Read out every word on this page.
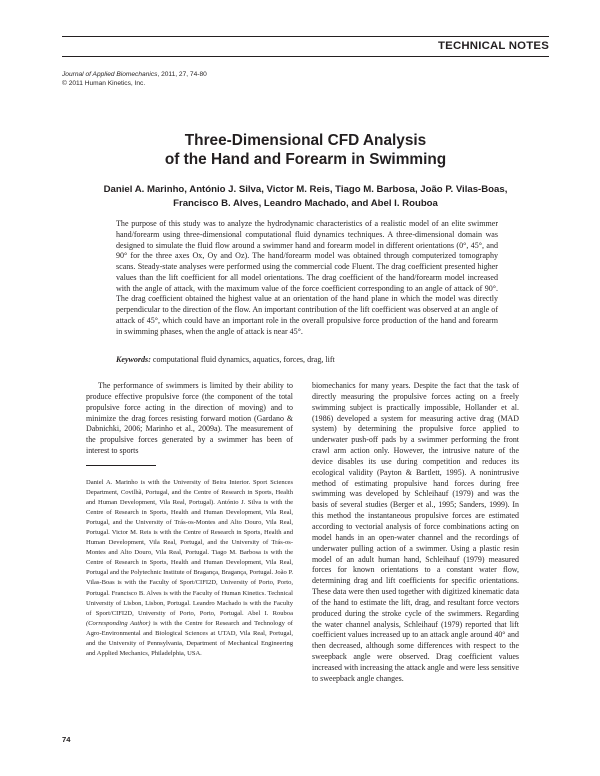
TECHNICAL NOTES
Journal of Applied Biomechanics, 2011, 27, 74-80
© 2011 Human Kinetics, Inc.
Three-Dimensional CFD Analysis
of the Hand and Forearm in Swimming

Daniel A. Marinho, António J. Silva, Victor M. Reis, Tiago M. Barbosa, João P. Vilas-Boas,
Francisco B. Alves, Leandro Machado, and Abel I. Rouboa

The purpose of this study was to analyze the hydrodynamic characteristics of a realistic model of an elite swimmer hand/forearm using three-dimensional computational fluid dynamics techniques. A three-dimensional domain was designed to simulate the fluid flow around a swimmer hand and forearm model in different orientations (0°, 45°, and 90° for the three axes Ox, Oy and Oz). The hand/forearm model was obtained through computerized tomography scans. Steady-state analyses were performed using the commercial code Fluent. The drag coefficient presented higher values than the lift coefficient for all model orientations. The drag coefficient of the hand/forearm model increased with the angle of attack, with the maximum value of the force coefficient corresponding to an angle of attack of 90°. The drag coefficient obtained the highest value at an orientation of the hand plane in which the model was directly perpendicular to the direction of the flow. An important contribution of the lift coefficient was observed at an angle of attack of 45°, which could have an important role in the overall propulsive force production of the hand and forearm in swimming phases, when the angle of attack is near 45°.

Keywords: computational fluid dynamics, aquatics, forces, drag, lift

The performance of swimmers is limited by their ability to produce effective propulsive force (the component of the total propulsive force acting in the direction of moving) and to minimize the drag forces resisting forward motion (Gardano & Dabnichki, 2006; Marinho et al., 2009a). The measurement of the propulsive forces generated by a swimmer has been of interest to sports

Daniel A. Marinho is with the University of Beira Interior. Sport Sciences Department, Covilhã, Portugal, and the Centre of Research in Sports, Health and Human Development, Vila Real, Portugal). António J. Silva is with the Centre of Research in Sports, Health and Human Development, Vila Real, Portugal, and the University of Trás-os-Montes and Alto Douro, Vila Real, Portugal. Victor M. Reis is with the Centre of Research in Sports, Health and Human Development, Vila Real, Portugal, and the University of Trás-os-Montes and Alto Douro, Vila Real, Portugal. Tiago M. Barbosa is with the Centre of Research in Sports, Health and Human Development, Vila Real, Portugal and the Polytechnic Institute of Bragança, Bragança, Portugal. João P. Vilas-Boas is with the Faculty of Sport/CIFI2D, University of Porto, Porto, Portugal. Francisco B. Alves is with the Faculty of Human Kinetics. Technical University of Lisbon, Lisbon, Portugal. Leandro Machado is with the Faculty of Sport/CIFI2D, University of Porto, Porto, Portugal. Abel I. Rouboa (Corresponding Author) is with the Centre for Research and Technology of Agro-Environmental and Biological Sciences at UTAD, Vila Real, Portugal, and the University of Pennsylvania, Department of Mechanical Engineering and Applied Mechanics, Philadelphia, USA.

biomechanics for many years. Despite the fact that the task of directly measuring the propulsive forces acting on a freely swimming subject is practically impossible, Hollander et al. (1986) developed a system for measuring active drag (MAD system) by determining the propulsive force applied to underwater push-off pads by a swimmer performing the front crawl arm action only. However, the intrusive nature of the device disables its use during competition and reduces its ecological validity (Payton & Bartlett, 1995). A nonintrusive method of estimating propulsive hand forces during free swimming was developed by Schleihauf (1979) and was the basis of several studies (Berger et al., 1995; Sanders, 1999). In this method the instantaneous propulsive forces are estimated according to vectorial analysis of force combinations acting on model hands in an open-water channel and the recordings of underwater pulling action of a swimmer. Using a plastic resin model of an adult human hand, Schleihauf (1979) measured forces for known orientations to a constant water flow, determining drag and lift coefficients for specific orientations. These data were then used together with digitized kinematic data of the hand to estimate the lift, drag, and resultant force vectors produced during the stroke cycle of the swimmers. Regarding the water channel analysis, Schleihauf (1979) reported that lift coefficient values increased up to an attack angle around 40° and then decreased, although some differences with respect to the sweepback angle were observed. Drag coefficient values increased with increasing the attack angle and were less sensitive to sweepback angle changes.

74
